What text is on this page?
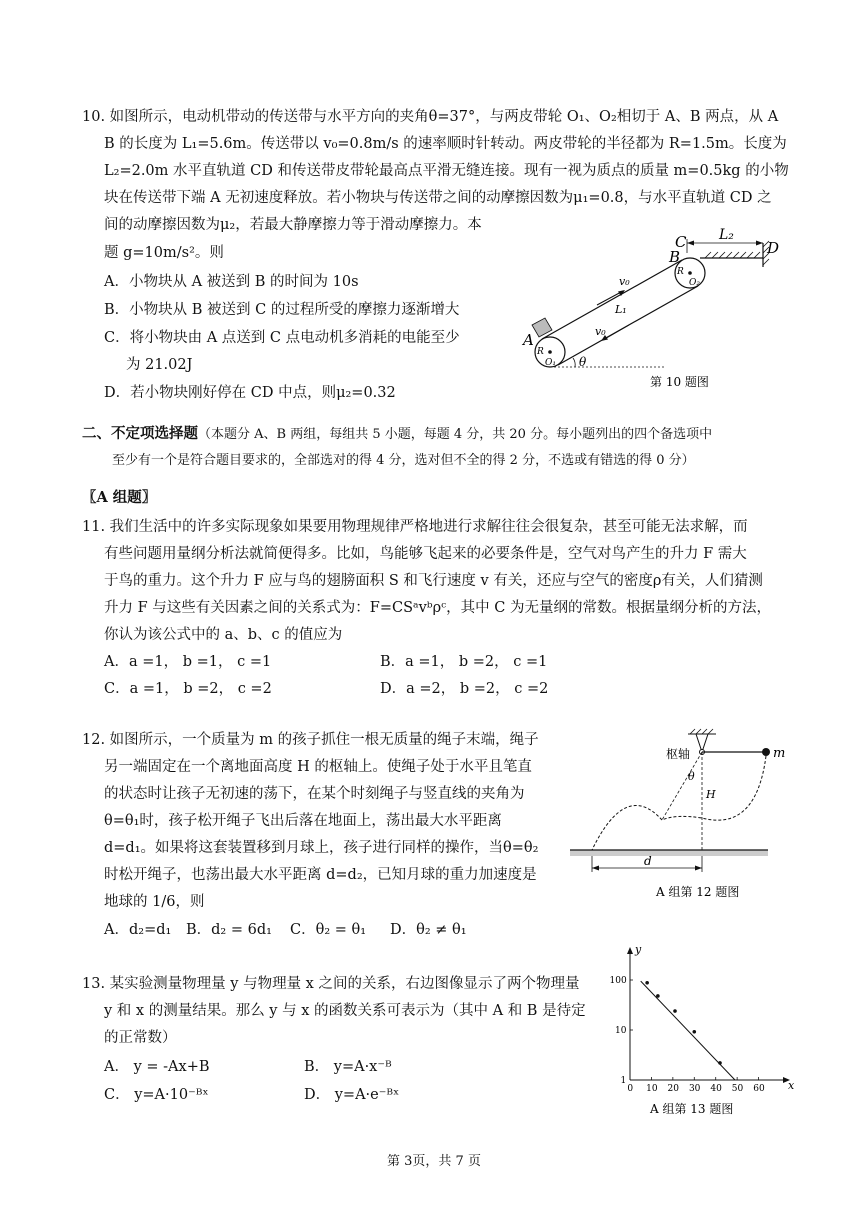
10. 如图所示，电动机带动的传送带与水平方向的夹角θ=37°，与两皮带轮 O₁、O₂相切于 A、B 两点，从 A
B 的长度为 L₁=5.6m。传送带以 v₀=0.8m/s 的速率顺时针转动。两皮带轮的半径都为 R=1.5m。长度为
L₂=2.0m 水平直轨道 CD 和传送带皮带轮最高点平滑无缝连接。现有一视为质点的质量 m=0.5kg 的小物
块在传送带下端 A 无初速度释放。若小物块与传送带之间的动摩擦因数为μ₁=0.8，与水平直轨道 CD 之
间的动摩擦因数为μ₂，若最大静摩擦力等于滑动摩擦力。本
题 g=10m/s²。则
A．小物块从 A 被送到 B 的时间为 10s
B．小物块从 B 被送到 C 的过程所受的摩擦力逐渐增大
C．将小物块由 A 点送到 C 点电动机多消耗的电能至少
为 21.02J
D．若小物块刚好停在 CD 中点，则μ₂=0.32
L₂
C	D
B
R
O₂
R
O₁
A
v₀
L₁
v₀
θ
第 10 题图
二、不定项选择题（本题分 A、B 两组，每组共 5 小题，每题 4 分，共 20 分。每小题列出的四个备选项中
至少有一个是符合题目要求的，全部选对的得 4 分，选对但不全的得 2 分，不选或有错选的得 0 分）
〖A 组题〗
11. 我们生活中的许多实际现象如果要用物理规律严格地进行求解往往会很复杂，甚至可能无法求解，而
有些问题用量纲分析法就简便得多。比如，鸟能够飞起来的必要条件是，空气对鸟产生的升力 F 需大
于鸟的重力。这个升力 F 应与鸟的翅膀面积 S 和飞行速度 v 有关，还应与空气的密度ρ有关，人们猜测
升力 F 与这些有关因素之间的关系式为：F=CSᵃvᵇρᶜ，其中 C 为无量纲的常数。根据量纲分析的方法，
你认为该公式中的 a、b、c 的值应为
A．a =1， b =1， c =1	B．a =1， b =2， c =1
C．a =1， b =2， c =2	D．a =2， b =2， c =2
12. 如图所示，一个质量为 m 的孩子抓住一根无质量的绳子末端，绳子
另一端固定在一个离地面高度 H 的枢轴上。使绳子处于水平且笔直
的状态时让孩子无初速的荡下，在某个时刻绳子与竖直线的夹角为
θ=θ₁时，孩子松开绳子飞出后落在地面上，荡出最大水平距离
d=d₁。如果将这套装置移到月球上，孩子进行同样的操作，当θ=θ₂
时松开绳子，也荡出最大水平距离 d=d₂，已知月球的重力加速度是
地球的 1/6，则
A．d₂=d₁ B．d₂ = 6d₁ C．θ₂ = θ₁ D．θ₂ ≠ θ₁
枢轴	m
H
θ
d
A 组第 12 题图
13. 某实验测量物理量 y 与物理量 x 之间的关系，右边图像显示了两个物理量
y 和 x 的测量结果。那么 y 与 x 的函数关系可表示为（其中 A 和 B 是待定
的正常数）
A． y = -Ax+B	B． y=A·x⁻ᴮ
C． y=A·10⁻ᴮˣ	D． y=A·e⁻ᴮˣ
x
y
0 10 20 30 40 50 60
1
10
100
A 组第 13 题图
第 3页，共 7 页
